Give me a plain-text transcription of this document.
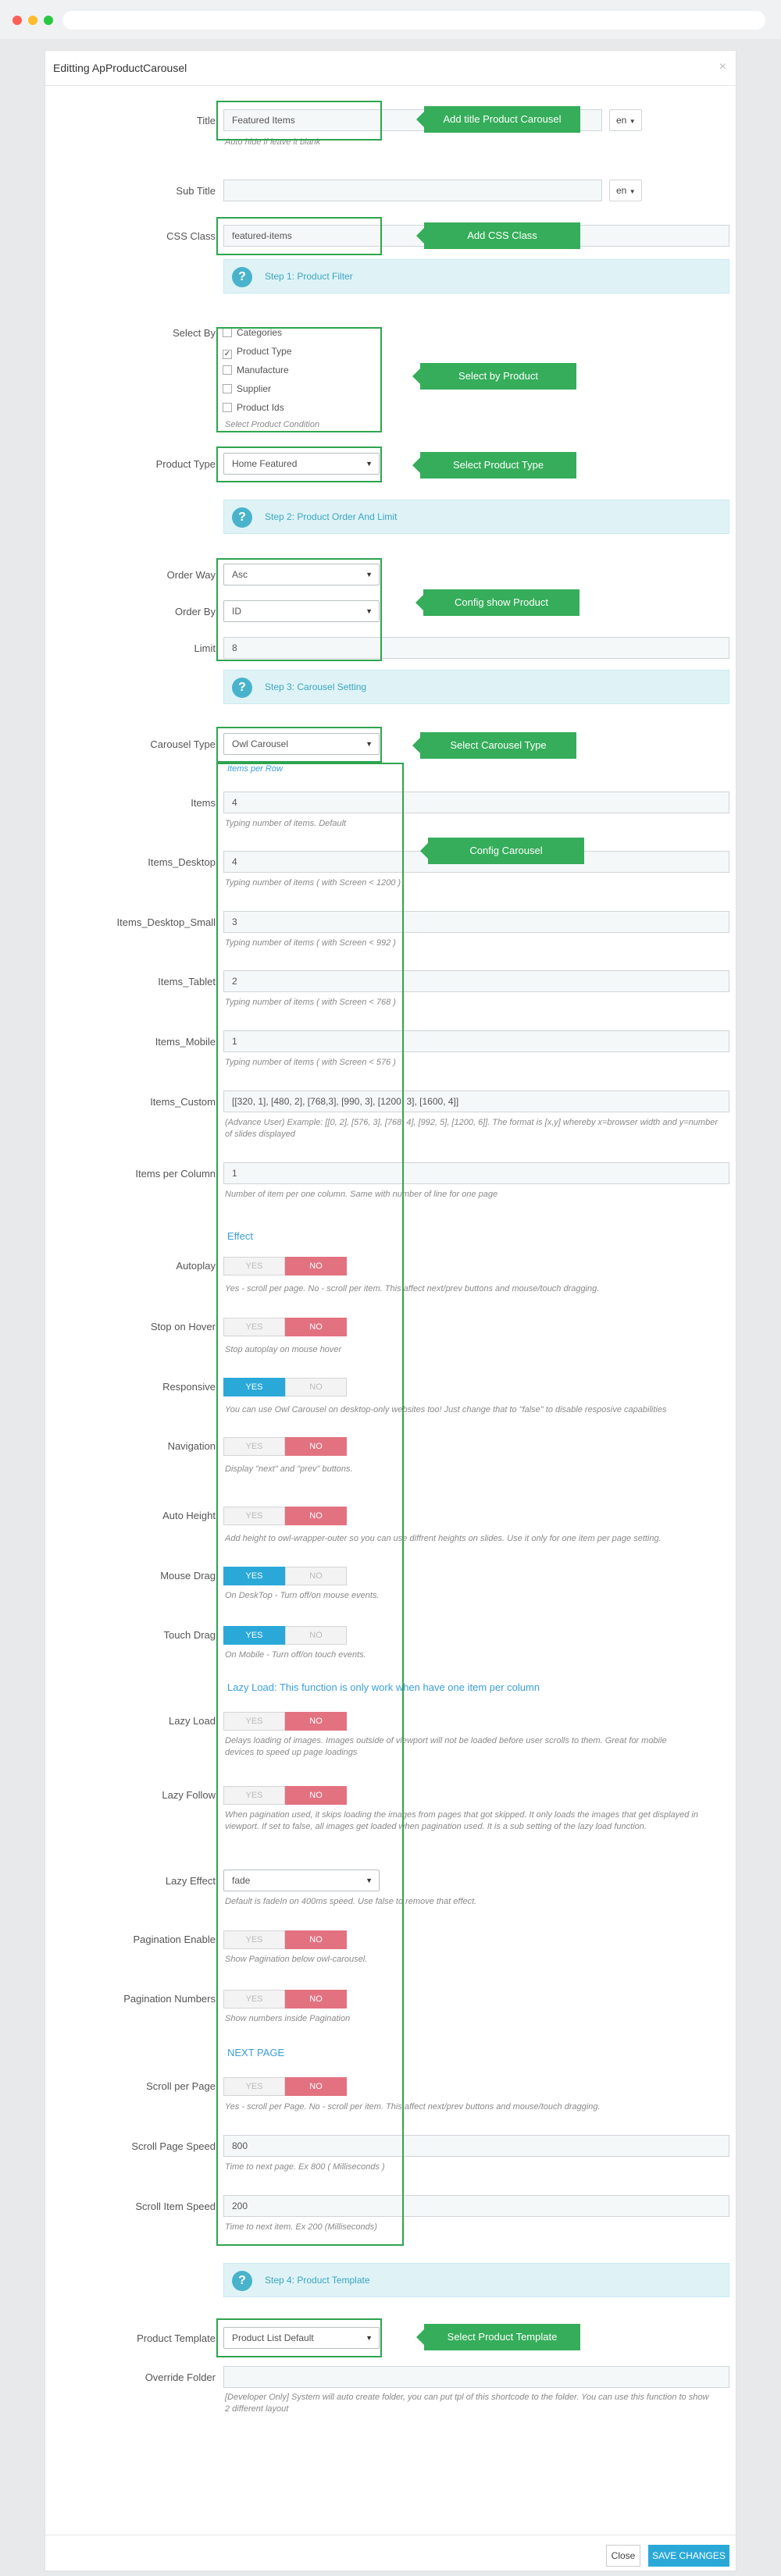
Editting ApProductCarousel	×
Title	Featured Items	en ▼
Auto hide if leave it blank
Sub Title	en ▼
CSS Class	featured-items
?	Step 1: Product Filter
Select By	Categories
✓ Product Type
Manufacture
Supplier
Product Ids
Select Product Condition
Product Type	Home Featured	▼
?	Step 2: Product Order And Limit
Order Way	Asc	▼
Order By	ID	▼
Limit	8
?	Step 3: Carousel Setting
Carousel Type	Owl Carousel	▼
Items per Row
Items	4
Typing number of items. Default
Items_Desktop	4
Typing number of items ( with Screen < 1200 )
Items_Desktop_Small	3
Typing number of items ( with Screen < 992 )
Items_Tablet	2
Typing number of items ( with Screen < 768 )
Items_Mobile	1
Typing number of items ( with Screen < 576 )
Items_Custom	[[320, 1], [480, 2], [768,3], [990, 3], [1200, 3], [1600, 4]]
(Advance User) Example: [[0, 2], [576, 3], [768, 4], [992, 5], [1200, 6]]. The format is [x,y] whereby x=browser width and y=number of slides displayed
Items per Column	1
Number of item per one column. Same with number of line for one page
Effect
Autoplay	YES	NO
Yes - scroll per page. No - scroll per item. This affect next/prev buttons and mouse/touch dragging.
Stop on Hover	YES	NO
Stop autoplay on mouse hover
Responsive	YES	NO
You can use Owl Carousel on desktop-only websites too! Just change that to "false" to disable resposive capabilities
Navigation	YES	NO
Display "next" and "prev" buttons.
Auto Height	YES	NO
Add height to owl-wrapper-outer so you can use diffrent heights on slides. Use it only for one item per page setting.
Mouse Drag	YES	NO
On DeskTop - Turn off/on mouse events.
Touch Drag	YES	NO
On Mobile - Turn off/on touch events.
Lazy Load: This function is only work when have one item per column
Lazy Load	YES	NO
Delays loading of images. Images outside of viewport will not be loaded before user scrolls to them. Great for mobile devices to speed up page loadings
Lazy Follow	YES	NO
When pagination used, it skips loading the images from pages that got skipped. It only loads the images that get displayed in viewport. If set to false, all images get loaded when pagination used. It is a sub setting of the lazy load function.
Lazy Effect	fade	▼
Default is fadeIn on 400ms speed. Use false to remove that effect.
Pagination Enable	YES	NO
Show Pagination below owl-carousel.
Pagination Numbers	YES	NO
Show numbers inside Pagination
NEXT PAGE
Scroll per Page	YES	NO
Yes - scroll per Page. No - scroll per item. This affect next/prev buttons and mouse/touch dragging.
Scroll Page Speed	800
Time to next page. Ex 800 ( Milliseconds )
Scroll Item Speed	200
Time to next item. Ex 200 (Milliseconds)
?	Step 4: Product Template
Product Template	Product List Default	▼
Override Folder
[Developer Only] System will auto create folder, you can put tpl of this shortcode to the folder. You can use this function to show 2 different layout
Add title Product Carousel
Add CSS Class
Select by Product
Select Product Type
Config show Product
Select Carousel Type
Config Carousel
Select Product Template
Close	SAVE CHANGES
